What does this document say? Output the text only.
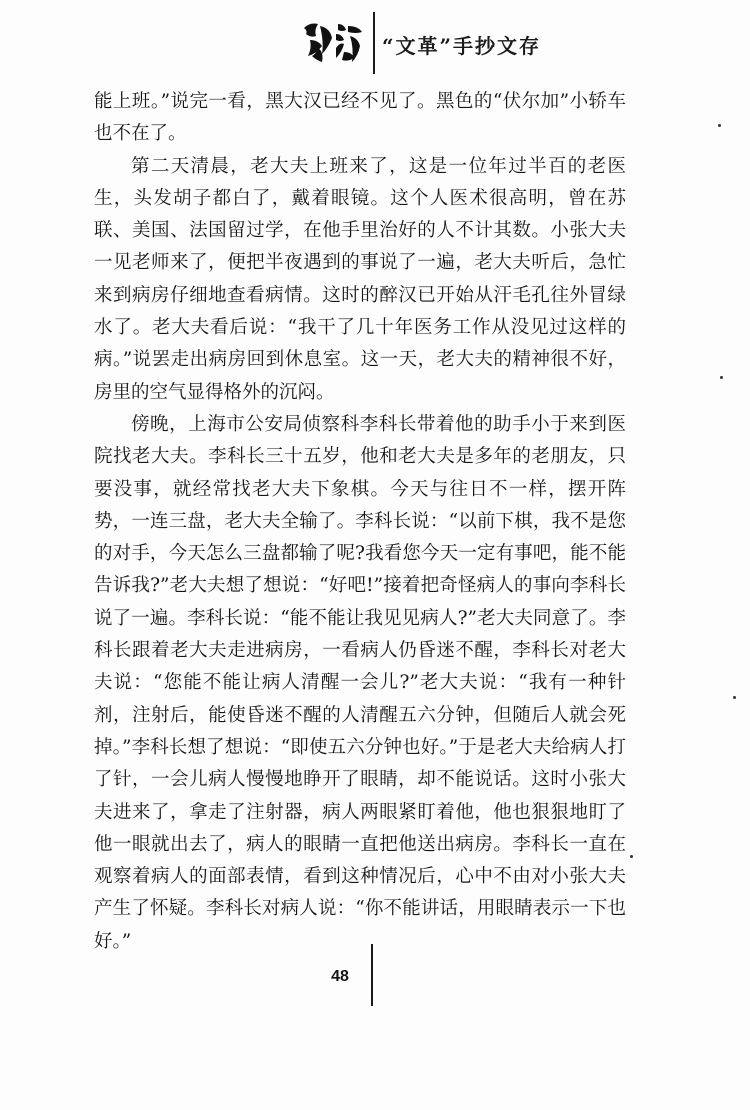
“文革”手抄文存

能上班。”说完一看，黑大汉已经不见了。黑色的“伏尔加”小轿车也不在了。

第二天清晨，老大夫上班来了，这是一位年过半百的老医生，头发胡子都白了，戴着眼镜。这个人医术很高明，曾在苏联、美国、法国留过学，在他手里治好的人不计其数。小张大夫一见老师来了，便把半夜遇到的事说了一遍，老大夫听后，急忙来到病房仔细地查看病情。这时的醉汉已开始从汗毛孔往外冒绿水了。老大夫看后说：“我干了几十年医务工作从没见过这样的病。”说罢走出病房回到休息室。这一天，老大夫的精神很不好，房里的空气显得格外的沉闷。

傍晚，上海市公安局侦察科李科长带着他的助手小于来到医院找老大夫。李科长三十五岁，他和老大夫是多年的老朋友，只要没事，就经常找老大夫下象棋。今天与往日不一样，摆开阵势，一连三盘，老大夫全输了。李科长说：“以前下棋，我不是您的对手，今天怎么三盘都输了呢?我看您今天一定有事吧，能不能告诉我?”老大夫想了想说：“好吧!”接着把奇怪病人的事向李科长说了一遍。李科长说：“能不能让我见见病人?”老大夫同意了。李科长跟着老大夫走进病房，一看病人仍昏迷不醒，李科长对老大夫说：“您能不能让病人清醒一会儿?”老大夫说：“我有一种针剂，注射后，能使昏迷不醒的人清醒五六分钟，但随后人就会死掉。”李科长想了想说：“即使五六分钟也好。”于是老大夫给病人打了针，一会儿病人慢慢地睁开了眼睛，却不能说话。这时小张大夫进来了，拿走了注射器，病人两眼紧盯着他，他也狠狠地盯了他一眼就出去了，病人的眼睛一直把他送出病房。李科长一直在观察着病人的面部表情，看到这种情况后，心中不由对小张大夫产生了怀疑。李科长对病人说：“你不能讲话，用眼睛表示一下也好。”

48
